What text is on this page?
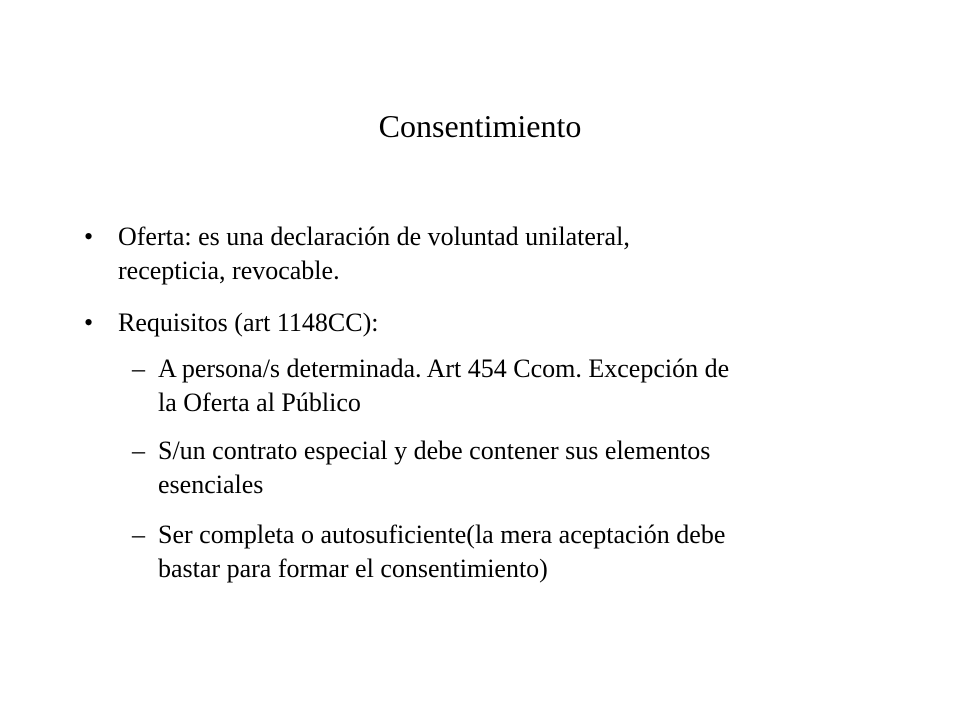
Consentimiento
• Oferta: es una declaración de voluntad unilateral,
recepticia, revocable.
• Requisitos (art 1148CC):
– A persona/s determinada. Art 454 Ccom. Excepción de
la Oferta al Público
– S/un contrato especial y debe contener sus elementos
esenciales
– Ser completa o autosuficiente(la mera aceptación debe
bastar para formar el consentimiento)
